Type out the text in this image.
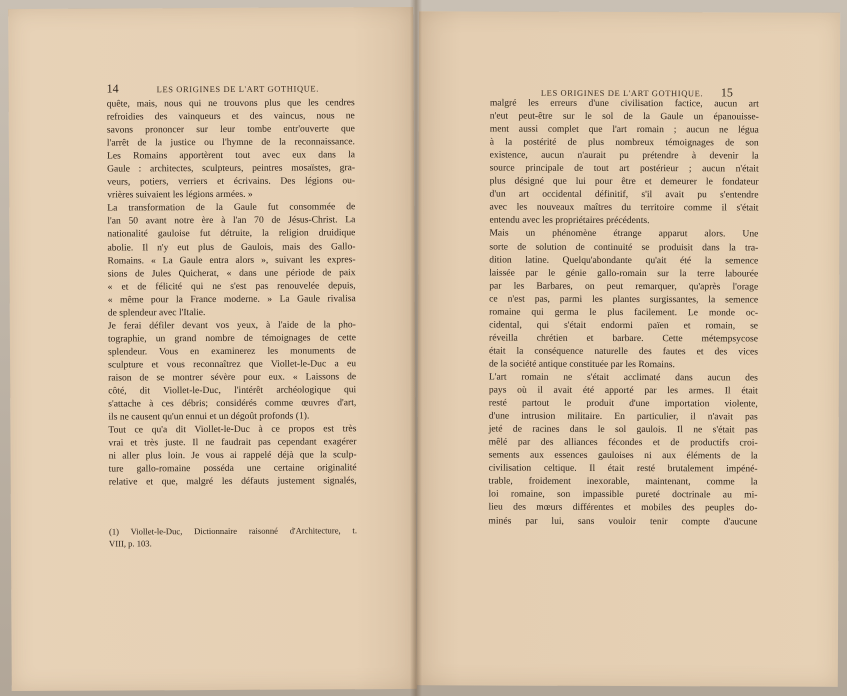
14	LES ORIGINES DE L'ART GOTHIQUE.
quête, mais, nous qui ne trouvons plus que les cendres
refroidies des vainqueurs et des vaincus, nous ne
savons prononcer sur leur tombe entr'ouverte que
l'arrêt de la justice ou l'hymne de la reconnaissance.
Les Romains apportèrent tout avec eux dans la
Gaule : architectes, sculpteurs, peintres mosaïstes, gra-
veurs, potiers, verriers et écrivains. Des légions ou-
vrières suivaient les légions armées. »
La transformation de la Gaule fut consommée de
l'an 50 avant notre ère à l'an 70 de Jésus-Christ. La
nationalité gauloise fut détruite, la religion druidique
abolie. Il n'y eut plus de Gaulois, mais des Gallo-
Romains. « La Gaule entra alors », suivant les expres-
sions de Jules Quicherat, « dans une période de paix
« et de félicité qui ne s'est pas renouvelée depuis,
« même pour la France moderne. » La Gaule rivalisa
de splendeur avec l'Italie.
Je ferai défiler devant vos yeux, à l'aide de la pho-
tographie, un grand nombre de témoignages de cette
splendeur. Vous en examinerez les monuments de
sculpture et vous reconnaîtrez que Viollet-le-Duc a eu
raison de se montrer sévère pour eux. « Laissons de
côté, dit Viollet-le-Duc, l'intérêt archéologique qui
s'attache à ces débris; considérés comme œuvres d'art,
ils ne causent qu'un ennui et un dégoût profonds (1).
Tout ce qu'a dit Viollet-le-Duc à ce propos est très
vrai et très juste. Il ne faudrait pas cependant exagérer
ni aller plus loin. Je vous ai rappelé déjà que la sculp-
ture gallo-romaine posséda une certaine originalité
relative et que, malgré les défauts justement signalés,
(1) Viollet-le-Duc, Dictionnaire raisonné d'Architecture, t.
VIII, p. 103.
LES ORIGINES DE L'ART GOTHIQUE.	15
malgré les erreurs d'une civilisation factice, aucun art
n'eut peut-être sur le sol de la Gaule un épanouisse-
ment aussi complet que l'art romain ; aucun ne légua
à la postérité de plus nombreux témoignages de son
existence, aucun n'aurait pu prétendre à devenir la
source principale de tout art postérieur ; aucun n'était
plus désigné que lui pour être et demeurer le fondateur
d'un art occidental définitif, s'il avait pu s'entendre
avec les nouveaux maîtres du territoire comme il s'était
entendu avec les propriétaires précédents.
Mais un phénomène étrange apparut alors. Une
sorte de solution de continuité se produisit dans la tra-
dition latine. Quelqu'abondante qu'ait été la semence
laissée par le génie gallo-romain sur la terre labourée
par les Barbares, on peut remarquer, qu'après l'orage
ce n'est pas, parmi les plantes surgissantes, la semence
romaine qui germa le plus facilement. Le monde oc-
cidental, qui s'était endormi païen et romain, se
réveilla chrétien et barbare. Cette métempsycose
était la conséquence naturelle des fautes et des vices
de la société antique constituée par les Romains.
L'art romain ne s'était acclimaté dans aucun des
pays où il avait été apporté par les armes. Il était
resté partout le produit d'une importation violente,
d'une intrusion militaire. En particulier, il n'avait pas
jeté de racines dans le sol gaulois. Il ne s'était pas
mêlé par des alliances fécondes et de productifs croi-
sements aux essences gauloises ni aux éléments de la
civilisation celtique. Il était resté brutalement impéné-
trable, froidement inexorable, maintenant, comme la
loi romaine, son impassible pureté doctrinale au mi-
lieu des mœurs différentes et mobiles des peuples do-
minés par lui, sans vouloir tenir compte d'aucune
